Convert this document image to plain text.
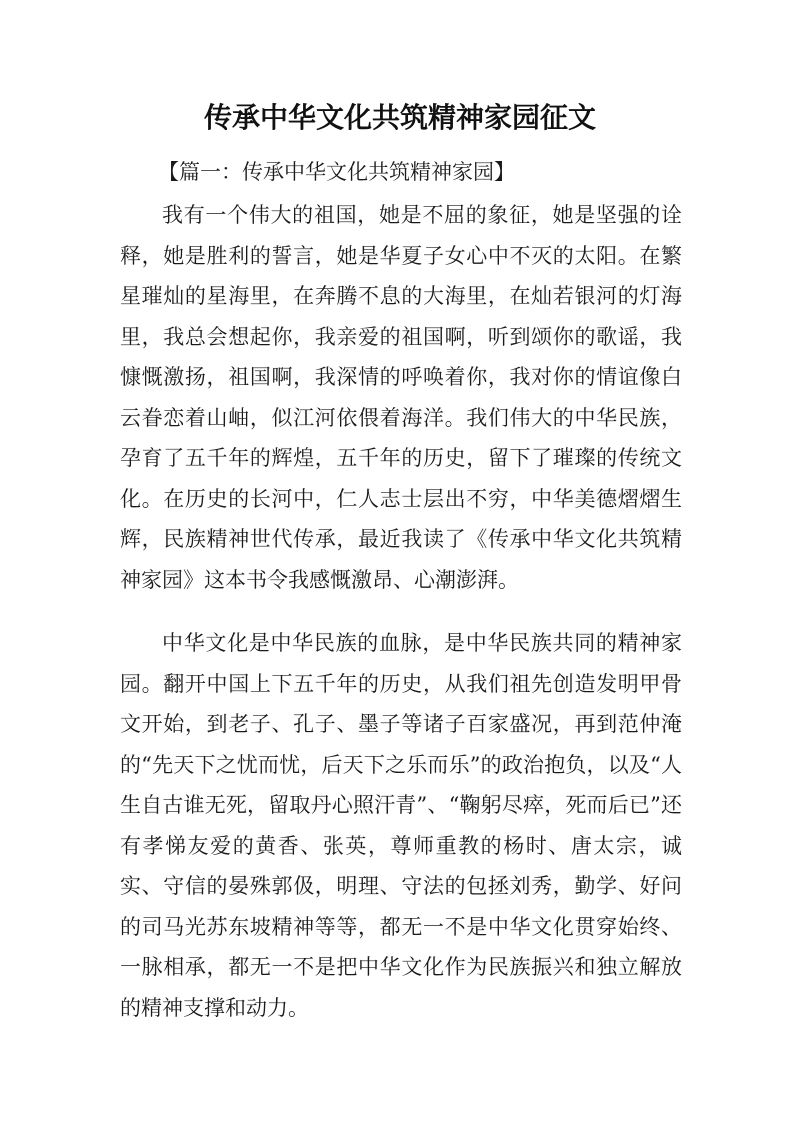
传承中华文化共筑精神家园征文
【篇一：传承中华文化共筑精神家园】

我有一个伟大的祖国，她是不屈的象征，她是坚强的诠释，她是胜利的誓言，她是华夏子女心中不灭的太阳。在繁星璀灿的星海里，在奔腾不息的大海里，在灿若银河的灯海里，我总会想起你，我亲爱的祖国啊，听到颂你的歌谣，我慷慨激扬，祖国啊，我深情的呼唤着你，我对你的情谊像白云眷恋着山岫，似江河依偎着海洋。我们伟大的中华民族，孕育了五千年的辉煌，五千年的历史，留下了璀璨的传统文化。在历史的长河中，仁人志士层出不穷，中华美德熠熠生辉，民族精神世代传承，最近我读了《传承中华文化共筑精神家园》这本书令我感慨激昂、心潮澎湃。

中华文化是中华民族的血脉，是中华民族共同的精神家园。翻开中国上下五千年的历史，从我们祖先创造发明甲骨文开始，到老子、孔子、墨子等诸子百家盛况，再到范仲淹的“先天下之忧而忧，后天下之乐而乐”的政治抱负，以及“人生自古谁无死，留取丹心照汗青”、“鞠躬尽瘁，死而后已”还有孝悌友爱的黄香、张英，尊师重教的杨时、唐太宗，诚实、守信的晏殊郭伋，明理、守法的包拯刘秀，勤学、好问的司马光苏东坡精神等等，都无一不是中华文化贯穿始终、一脉相承，都无一不是把中华文化作为民族振兴和独立解放的精神支撑和动力。
